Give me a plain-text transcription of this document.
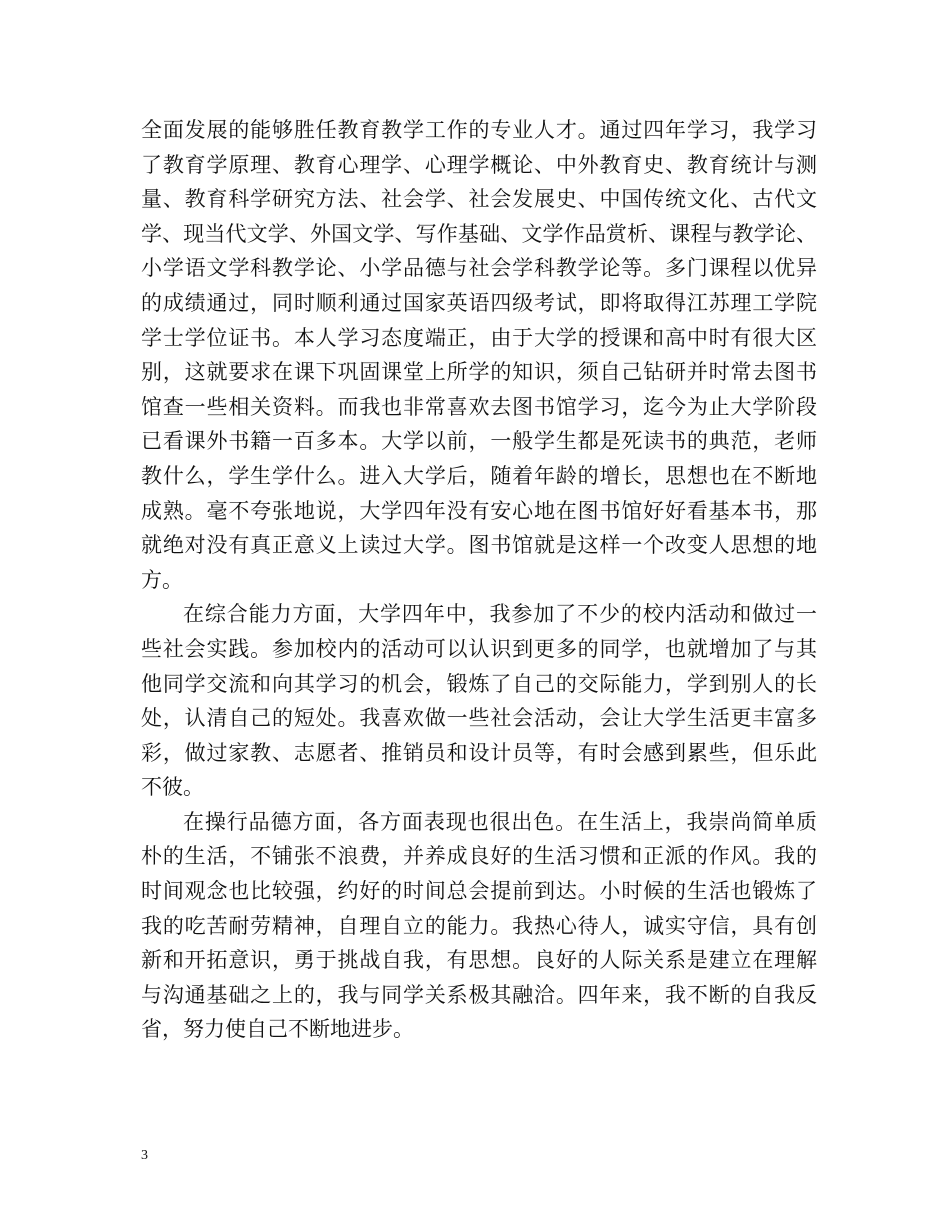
全面发展的能够胜任教育教学工作的专业人才。通过四年学习，我学习
了教育学原理、教育心理学、心理学概论、中外教育史、教育统计与测
量、教育科学研究方法、社会学、社会发展史、中国传统文化、古代文
学、现当代文学、外国文学、写作基础、文学作品赏析、课程与教学论、
小学语文学科教学论、小学品德与社会学科教学论等。多门课程以优异
的成绩通过，同时顺利通过国家英语四级考试，即将取得江苏理工学院
学士学位证书。本人学习态度端正，由于大学的授课和高中时有很大区
别，这就要求在课下巩固课堂上所学的知识，须自己钻研并时常去图书
馆查一些相关资料。而我也非常喜欢去图书馆学习，迄今为止大学阶段
已看课外书籍一百多本。大学以前，一般学生都是死读书的典范，老师
教什么，学生学什么。进入大学后，随着年龄的增长，思想也在不断地
成熟。毫不夸张地说，大学四年没有安心地在图书馆好好看基本书，那
就绝对没有真正意义上读过大学。图书馆就是这样一个改变人思想的地
方。
在综合能力方面，大学四年中，我参加了不少的校内活动和做过一
些社会实践。参加校内的活动可以认识到更多的同学，也就增加了与其
他同学交流和向其学习的机会，锻炼了自己的交际能力，学到别人的长
处，认清自己的短处。我喜欢做一些社会活动，会让大学生活更丰富多
彩，做过家教、志愿者、推销员和设计员等，有时会感到累些，但乐此
不彼。
在操行品德方面，各方面表现也很出色。在生活上，我崇尚简单质
朴的生活，不铺张不浪费，并养成良好的生活习惯和正派的作风。我的
时间观念也比较强，约好的时间总会提前到达。小时候的生活也锻炼了
我的吃苦耐劳精神，自理自立的能力。我热心待人，诚实守信，具有创
新和开拓意识，勇于挑战自我，有思想。良好的人际关系是建立在理解
与沟通基础之上的，我与同学关系极其融洽。四年来，我不断的自我反
省，努力使自己不断地进步。
3
